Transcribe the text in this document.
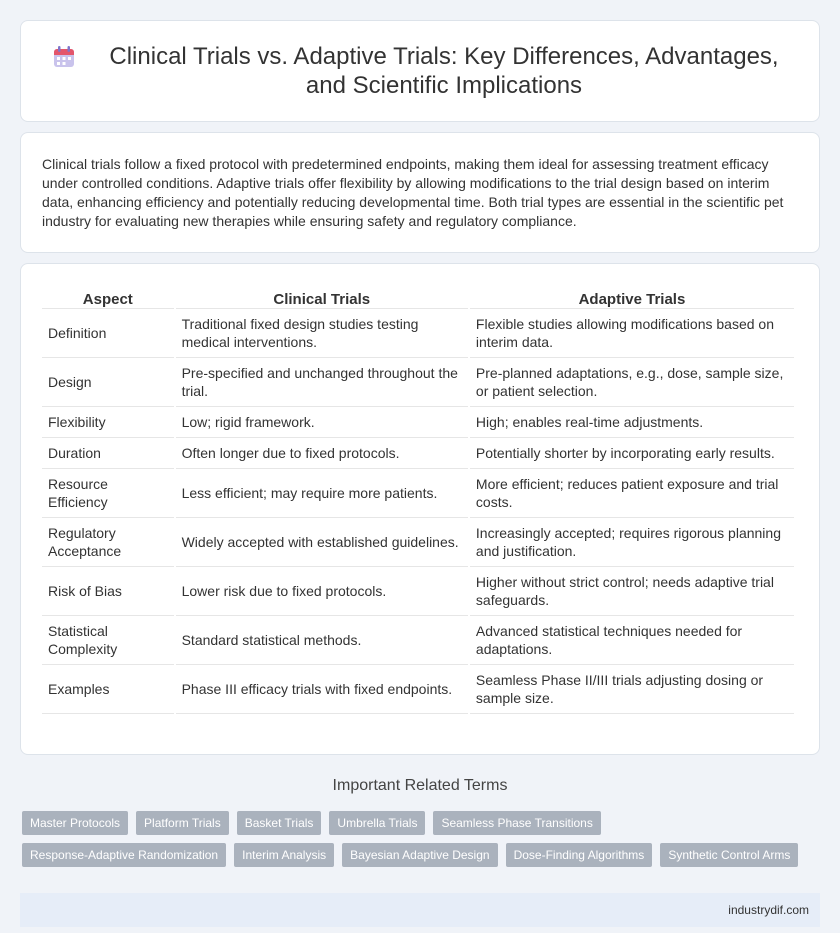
Clinical Trials vs. Adaptive Trials: Key Differences, Advantages, and Scientific Implications

Clinical trials follow a fixed protocol with predetermined endpoints, making them ideal for assessing treatment efficacy under controlled conditions. Adaptive trials offer flexibility by allowing modifications to the trial design based on interim data, enhancing efficiency and potentially reducing developmental time. Both trial types are essential in the scientific pet industry for evaluating new therapies while ensuring safety and regulatory compliance.

Aspect	Clinical Trials	Adaptive Trials
Definition	Traditional fixed design studies testing medical interventions.	Flexible studies allowing modifications based on interim data.
Design	Pre-specified and unchanged throughout the trial.	Pre-planned adaptations, e.g., dose, sample size, or patient selection.
Flexibility	Low; rigid framework.	High; enables real-time adjustments.
Duration	Often longer due to fixed protocols.	Potentially shorter by incorporating early results.
Resource Efficiency	Less efficient; may require more patients.	More efficient; reduces patient exposure and trial costs.
Regulatory Acceptance	Widely accepted with established guidelines.	Increasingly accepted; requires rigorous planning and justification.
Risk of Bias	Lower risk due to fixed protocols.	Higher without strict control; needs adaptive trial safeguards.
Statistical Complexity	Standard statistical methods.	Advanced statistical techniques needed for adaptations.
Examples	Phase III efficacy trials with fixed endpoints.	Seamless Phase II/III trials adjusting dosing or sample size.
Important Related Terms
Master Protocols	Platform Trials	Basket Trials	Umbrella Trials	Seamless Phase Transitions
Response-Adaptive Randomization	Interim Analysis	Bayesian Adaptive Design	Dose-Finding Algorithms	Synthetic Control Arms
industrydif.com
